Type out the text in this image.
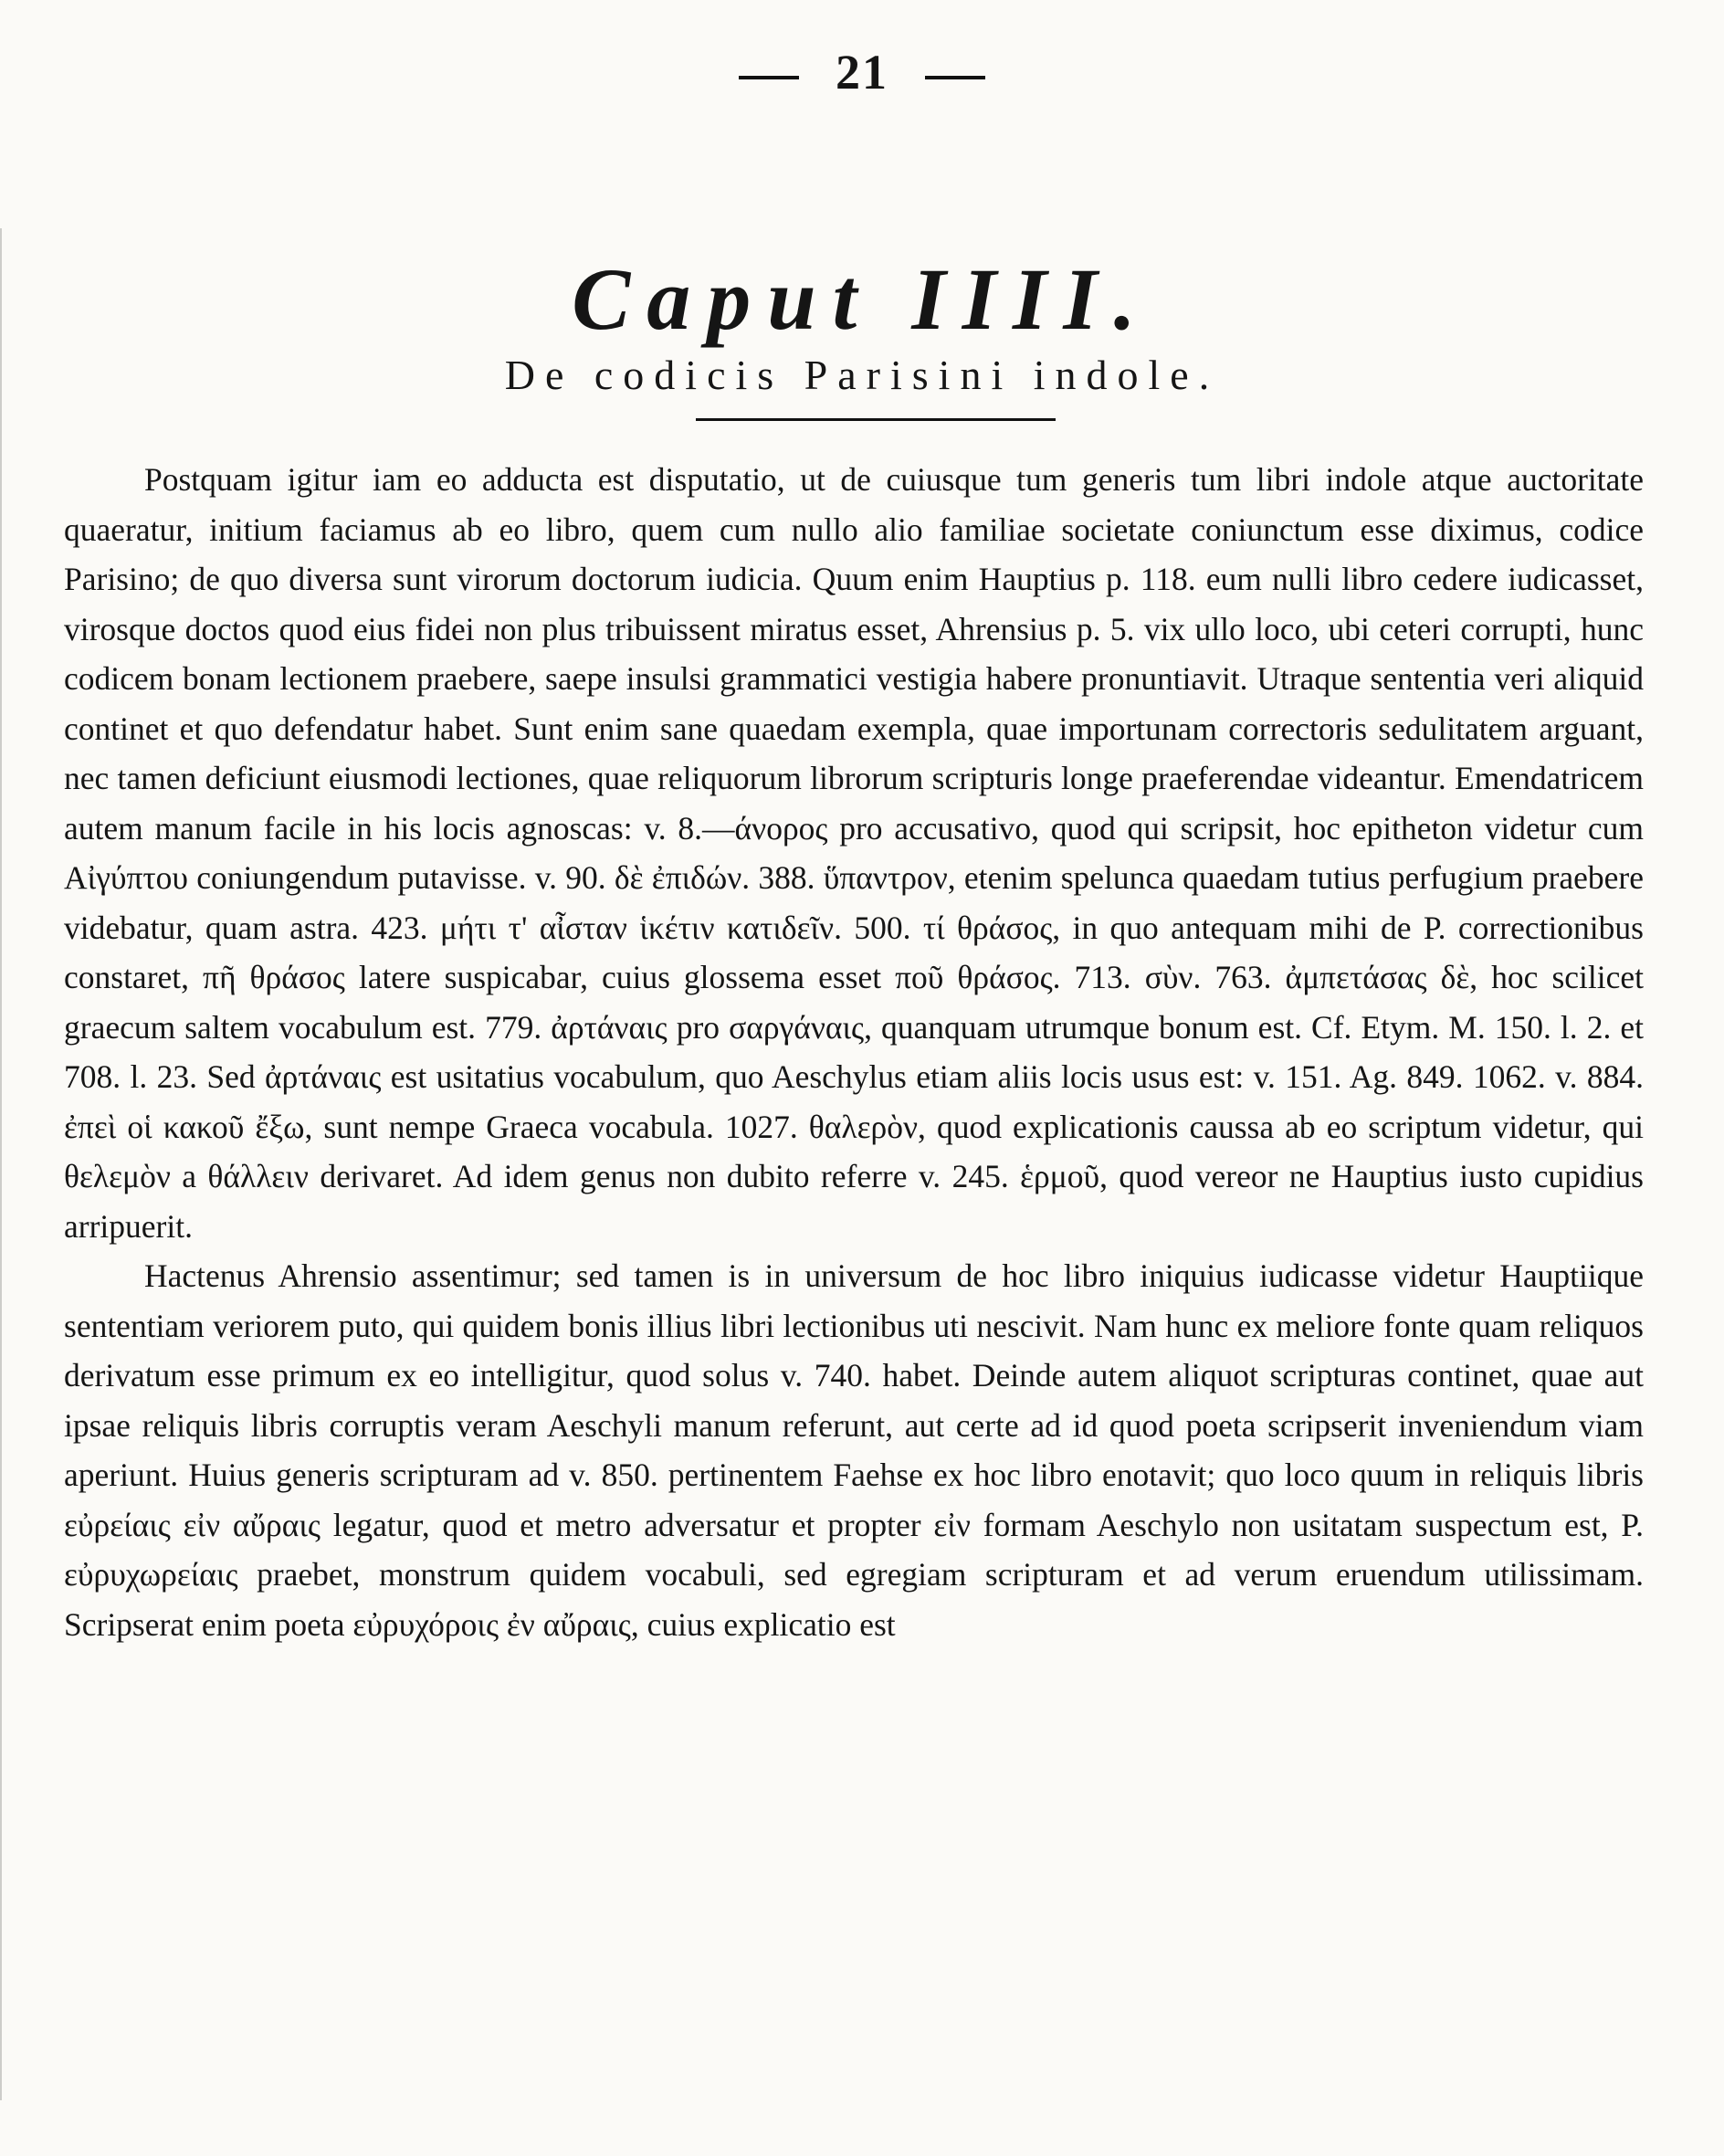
21
Caput IIII.
De codicis Parisini indole.

Postquam igitur iam eo adducta est disputatio, ut de cuiusque tum generis tum libri indole atque auctoritate quaeratur, initium faciamus ab eo libro, quem cum nullo alio familiae societate coniunctum esse diximus, codice Parisino; de quo diversa sunt virorum doctorum iudicia. Quum enim Hauptius p. 118. eum nulli libro cedere iudicasset, virosque doctos quod eius fidei non plus tribuissent miratus esset, Ahrensius p. 5. vix ullo loco, ubi ceteri corrupti, hunc codicem bonam lectionem praebere, saepe insulsi grammatici vestigia habere pronuntiavit. Utraque sententia veri aliquid continet et quo defendatur habet. Sunt enim sane quaedam exempla, quae importunam correctoris sedulitatem arguant, nec tamen deficiunt eiusmodi lectiones, quae reliquorum librorum scripturis longe praeferendae videantur. Emendatricem autem manum facile in his locis agnoscas: v. 8.—άνορος pro accusativo, quod qui scripsit, hoc epitheton videtur cum Αἰγύπτου coniungendum putavisse. v. 90. δὲ ἐπιδών. 388. ὕπαντρον, etenim spelunca quaedam tutius perfugium praebere videbatur, quam astra. 423. μήτι τ' αἶσταν ἱκέτιν κατιδεῖν. 500. τί θράσος, in quo antequam mihi de P. correctionibus constaret, πῆ θράσος latere suspicabar, cuius glossema esset ποῦ θράσος. 713. σὺν. 763. ἀμπετάσας δὲ, hoc scilicet graecum saltem vocabulum est. 779. ἀρτάναις pro σαργάναις, quanquam utrumque bonum est. Cf. Etym. M. 150. l. 2. et 708. l. 23. Sed ἀρτάναις est usitatius vocabulum, quo Aeschylus etiam aliis locis usus est: v. 151. Ag. 849. 1062. v. 884. ἐπεὶ οἱ κακοῦ ἔξω, sunt nempe Graeca vocabula. 1027. θαλερὸν, quod explicationis caussa ab eo scriptum videtur, qui θελεμὸν a θάλλειν derivaret. Ad idem genus non dubito referre v. 245. ἑρμοῦ, quod vereor ne Hauptius iusto cupidius arripuerit.

Hactenus Ahrensio assentimur; sed tamen is in universum de hoc libro iniquius iudicasse videtur Hauptiique sententiam veriorem puto, qui quidem bonis illius libri lectionibus uti nescivit. Nam hunc ex meliore fonte quam reliquos derivatum esse primum ex eo intelligitur, quod solus v. 740. habet. Deinde autem aliquot scripturas continet, quae aut ipsae reliquis libris corruptis veram Aeschyli manum referunt, aut certe ad id quod poeta scripserit inveniendum viam aperiunt. Huius generis scripturam ad v. 850. pertinentem Faehse ex hoc libro enotavit; quo loco quum in reliquis libris εὐρείαις εἰν αὔραις legatur, quod et metro adversatur et propter εἰν formam Aeschylo non usitatam suspectum est, P. εὐρυχωρείαις praebet, monstrum quidem vocabuli, sed egregiam scripturam et ad verum eruendum utilissimam. Scripserat enim poeta εὐρυχόροις ἐν αὔραις, cuius explicatio est
